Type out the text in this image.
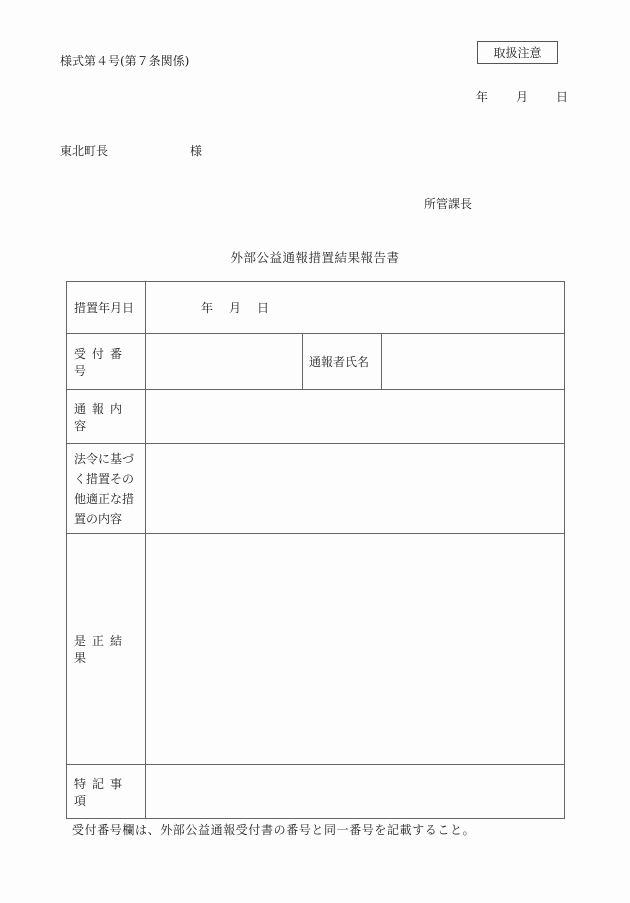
様式第４号(第７条関係)
取扱注意
年 月 日
東北町長	様
所管課長
外部公益通報措置結果報告書
措置年月日	年 月 日		
受付番号		通報者氏名	
通報内容			

法令に基づ
く措置その
他適正な措
置の内容			

是正結果			
特記事項			
受付番号欄は、外部公益通報受付書の番号と同一番号を記載すること。
